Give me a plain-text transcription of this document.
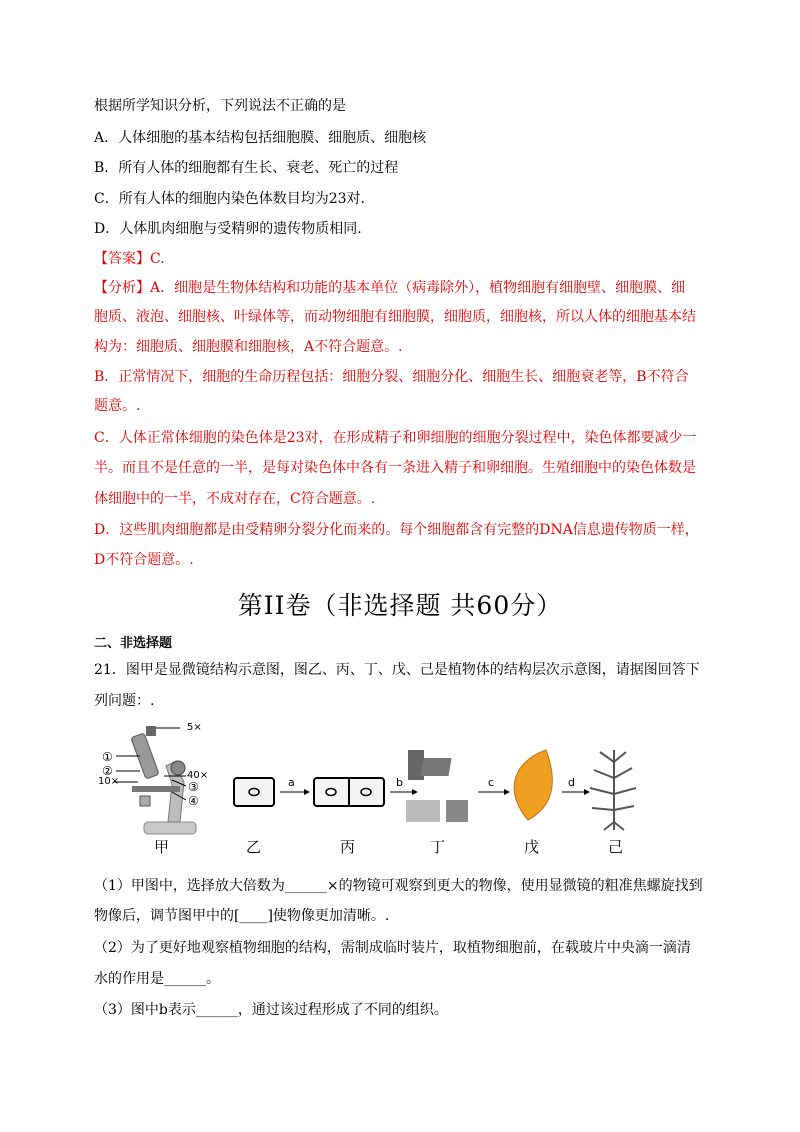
根据所学知识分析，下列说法不正确的是
A．人体细胞的基本结构包括细胞膜、细胞质、细胞核
B．所有人体的细胞都有生长、衰老、死亡的过程
C．所有人体的细胞内染色体数目均为23对.
D．人体肌肉细胞与受精卵的遗传物质相同.
【答案】C.
【分析】A．细胞是生物体结构和功能的基本单位（病毒除外），植物细胞有细胞壁、细胞膜、细
胞质、液泡、细胞核、叶绿体等，而动物细胞有细胞膜，细胞质，细胞核，所以人体的细胞基本结
构为：细胞质、细胞膜和细胞核，A不符合题意。.
B．正常情况下，细胞的生命历程包括：细胞分裂、细胞分化、细胞生长、细胞衰老等，B不符合
题意。.
C．人体正常体细胞的染色体是23对，在形成精子和卵细胞的细胞分裂过程中，染色体都要减少一
半。而且不是任意的一半，是每对染色体中各有一条进入精子和卵细胞。生殖细胞中的染色体数是
体细胞中的一半，不成对存在，C符合题意。.
D．这些肌肉细胞都是由受精卵分裂分化而来的。每个细胞都含有完整的DNA信息遗传物质一样，
D不符合题意。.
第II卷（非选择题 共60分）
二、非选择题
21．图甲是显微镜结构示意图，图乙、丙、丁、戊、己是植物体的结构层次示意图，请据图回答下
列问题：.
5×
40×
10×
①
②
③
④
a	b	c	d
甲	乙	丙	丁	戊	己
（1）甲图中，选择放大倍数为______×的物镜可观察到更大的物像，使用显微镜的粗准焦螺旋找到
物像后，调节图甲中的[____]使物像更加清晰。.
（2）为了更好地观察植物细胞的结构，需制成临时装片，取植物细胞前，在载玻片中央滴一滴清
水的作用是______。
（3）图中b表示______，通过该过程形成了不同的组织。
